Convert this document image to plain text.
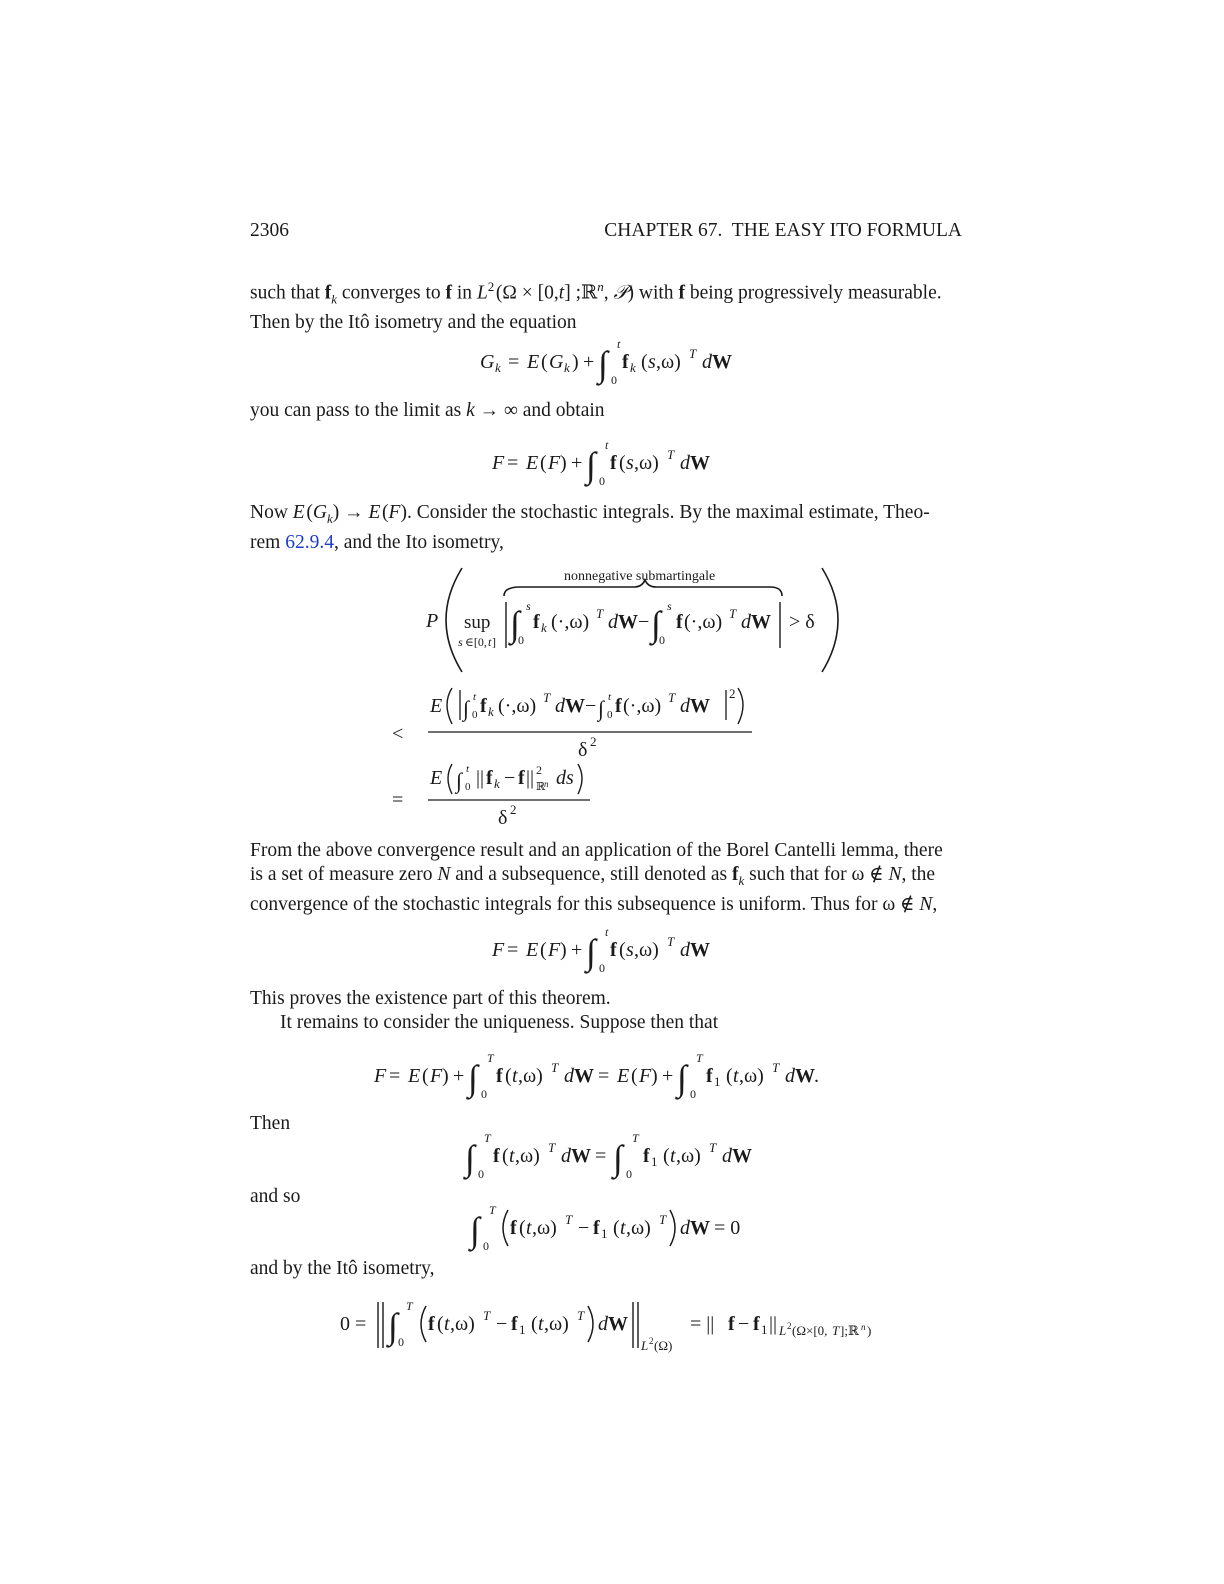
2306	CHAPTER 67.  THE EASY ITO FORMULA
such that $f_k$ converges to f in $L^2$ (Ω × [0,t] ;ℝ$^n$, 𝒫) with f being progressively measurable.
Then by the Itô isometry and the equation
G k = E ( G k ) + ∫ t
0
f k ( s ,ω) T d W
you can pass to the limit as k → ∞ and obtain
F = E ( F ) + ∫ t
0
f ( s ,ω) T d W
Now E $(G_k) \to E$ (F). Consider the stochastic integrals. By the maximal estimate, Theo-
rem 62.9.4, and the Ito isometry,
P sup
s ∈[0, t ]
nonnegative submartingale
∫ s
0
f k (·,ω) T d W − ∫ s
0
f (·,ω) T d W > δ
<
E ∫ t
0 f k (·,ω) T d W − ∫ t
0 f (·,ω) T d W
2
δ 2
=
E ∫ t
0 || f k − f || 2
ℝ
n ds
δ 2
From the above convergence result and an application of the Borel Cantelli lemma, there
is a set of measure zero N and a subsequence, still denoted as $f_k$ such that for ω ∉ N, the
convergence of the stochastic integrals for this subsequence is uniform. Thus for ω ∉ N,
F = E ( F ) + ∫ t
0
f ( s ,ω) T d W
This proves the existence part of this theorem.
It remains to consider the uniqueness. Suppose then that
F = E ( F ) + ∫ T
0
f ( t ,ω) T d W = E ( F ) + ∫ T
0
f 1 ( t ,ω) T d W .
Then
∫ T
0
f ( t ,ω) T d W = ∫ T
0
f 1 ( t ,ω) T d W
and so
∫ T
0
f ( t ,ω) T − f 1 ( t ,ω) T d W = 0
and by the Itô isometry,
0 = ∫ T
0
f ( t ,ω) T − f 1 ( t ,ω) T d W
L 2 (Ω)
= || f − f 1 || L 2 (Ω×[0, T ];ℝ n )
